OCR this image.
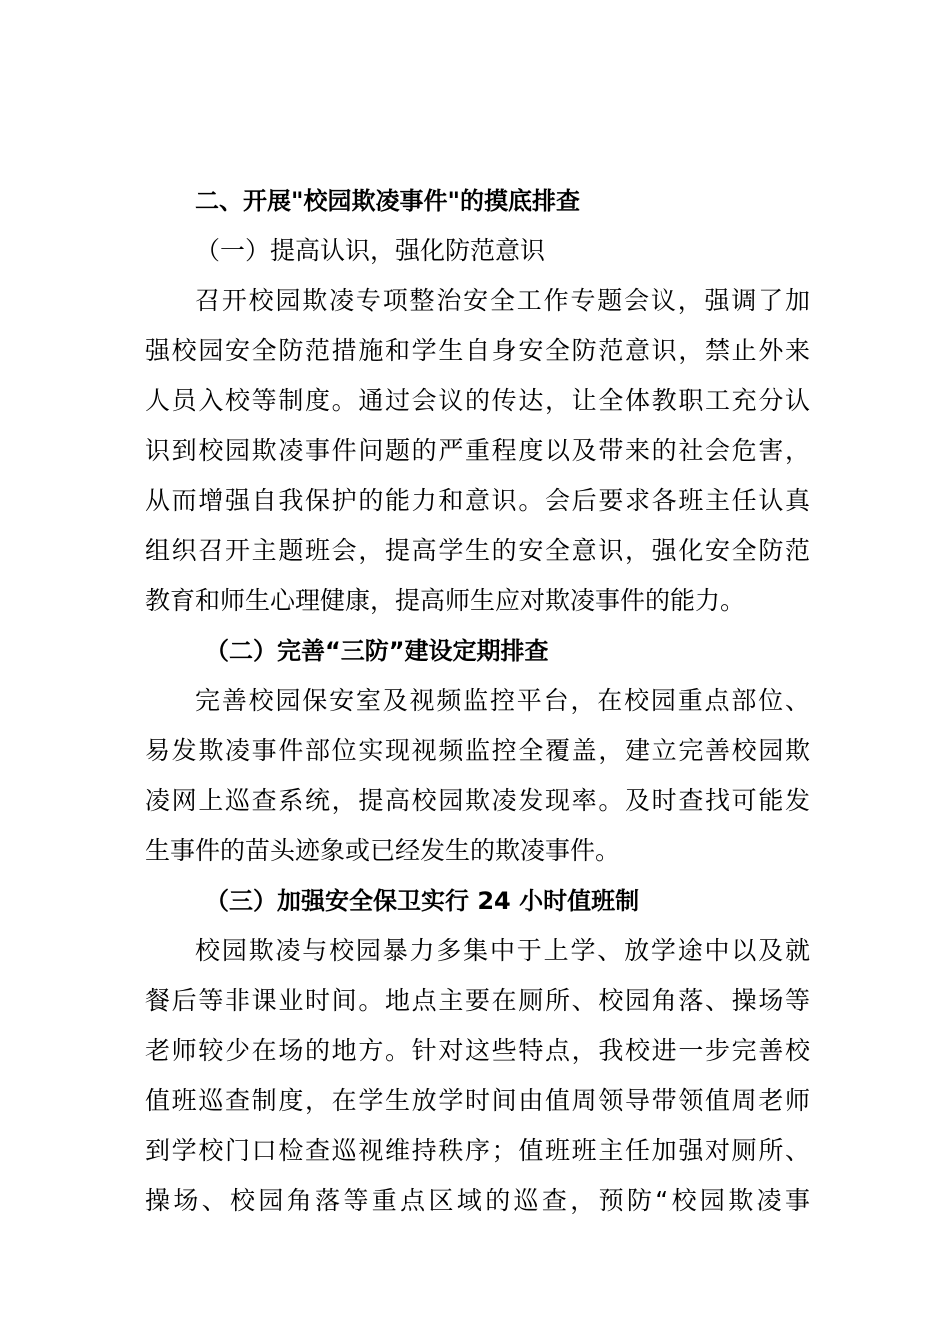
二、开展"校园欺凌事件"的摸底排查
（一）提高认识，强化防范意识
召开校园欺凌专项整治安全工作专题会议，强调了加
强校园安全防范措施和学生自身安全防范意识，禁止外来
人员入校等制度。通过会议的传达，让全体教职工充分认
识到校园欺凌事件问题的严重程度以及带来的社会危害，
从而增强自我保护的能力和意识。会后要求各班主任认真
组织召开主题班会，提高学生的安全意识，强化安全防范
教育和师生心理健康，提高师生应对欺凌事件的能力。
（二）完善“三防”建设定期排查
完善校园保安室及视频监控平台，在校园重点部位、
易发欺凌事件部位实现视频监控全覆盖，建立完善校园欺
凌网上巡查系统，提高校园欺凌发现率。及时查找可能发
生事件的苗头迹象或已经发生的欺凌事件。
（三）加强安全保卫实行 24 小时值班制
校园欺凌与校园暴力多集中于上学、放学途中以及就
餐后等非课业时间。地点主要在厕所、校园角落、操场等
老师较少在场的地方。针对这些特点，我校进一步完善校
值班巡查制度，在学生放学时间由值周领导带领值周老师
到学校门口检查巡视维持秩序；值班班主任加强对厕所、
操场、校园角落等重点区域的巡查，预防“校园欺凌事
